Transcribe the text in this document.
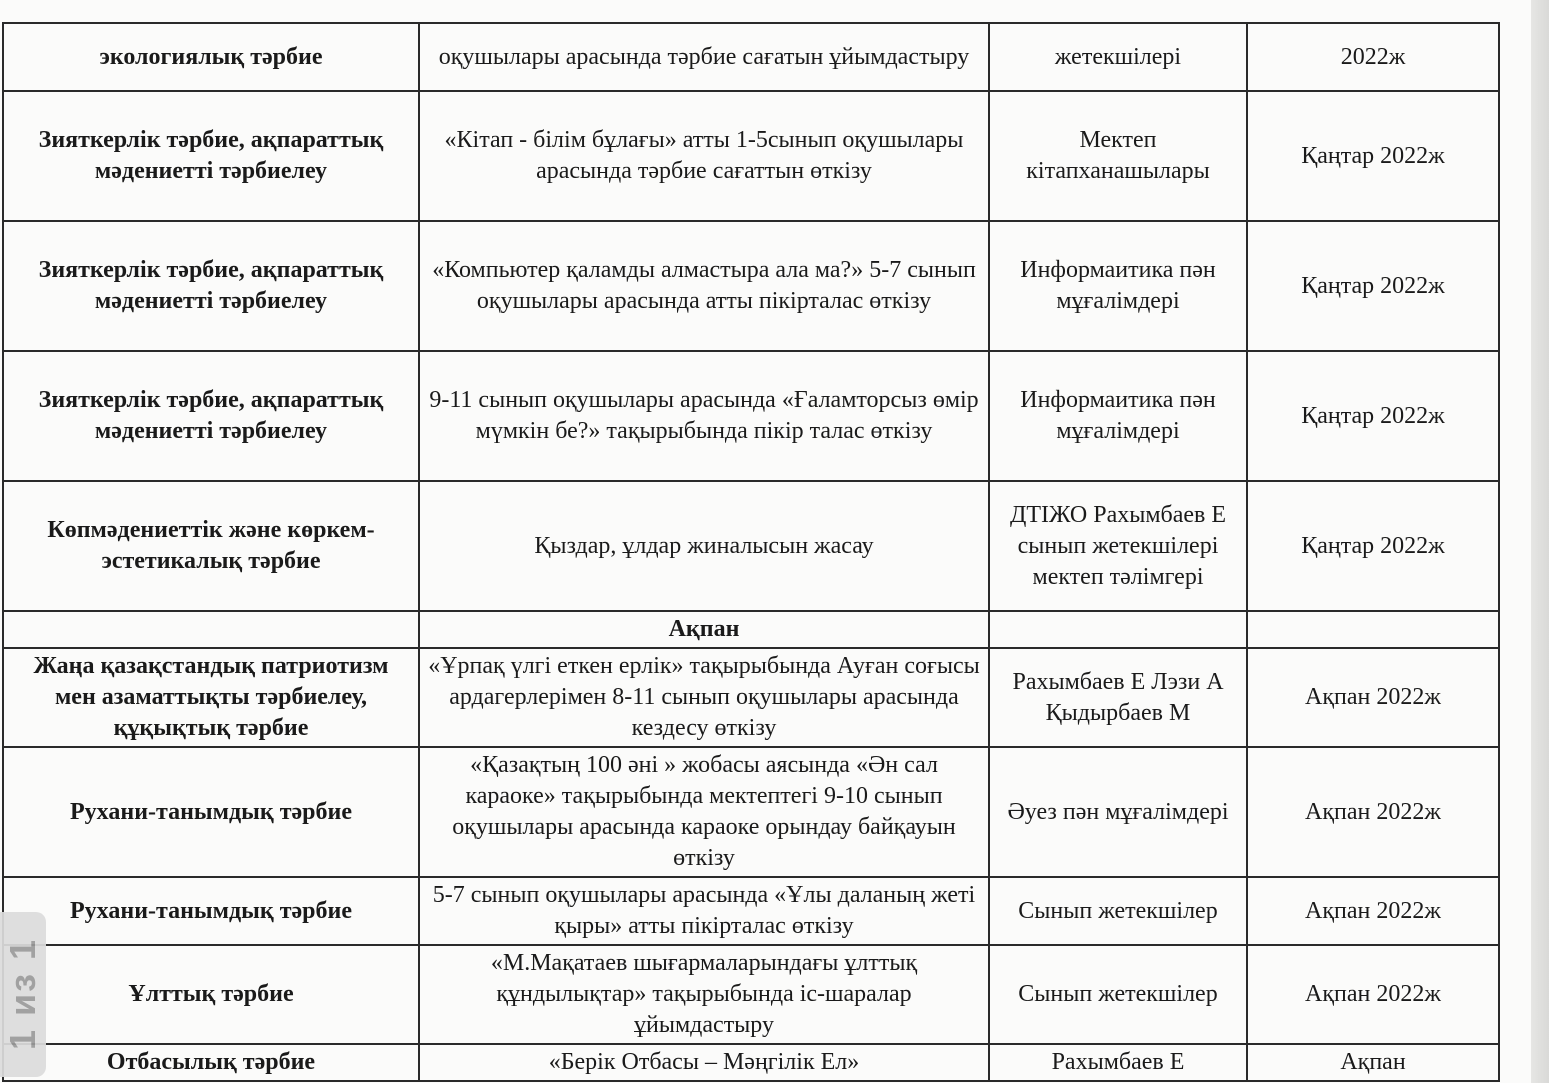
экологиялық тәрбие	оқушылары арасында тәрбие сағатын ұйымдастыру	жетекшілері	2022ж
Зияткерлік тәрбие, ақпараттық мәдениетті тәрбиелеу	«Кітап - білім бұлағы» атты 1-5сынып оқушылары арасында тәрбие сағаттын өткізу	Мектеп кітапханашылары	Қаңтар 2022ж
Зияткерлік тәрбие, ақпараттық мәдениетті тәрбиелеу	«Компьютер қаламды алмастыра ала ма?» 5-7 сынып оқушылары арасында атты пікірталас өткізу	Информаитика пән мұғалімдері	Қаңтар 2022ж
Зияткерлік тәрбие, ақпараттық мәдениетті тәрбиелеу	9-11 сынып оқушылары арасында «Ғаламторсыз өмір мүмкін бе?» тақырыбында пікір талас өткізу	Информаитика пән мұғалімдері	Қаңтар 2022ж
Көпмәдениеттік және көркем-эстетикалық тәрбие	Қыздар, ұлдар жиналысын жасау	ДТІЖО Рахымбаев Е сынып жетекшілері мектеп тәлімгері	Қаңтар 2022ж
	Ақпан		
Жаңа қазақстандық патриотизм мен азаматтықты тәрбиелеу, құқықтық тәрбие	«Ұрпақ үлгі еткен ерлік» тақырыбында Ауған соғысы ардагерлерімен 8-11 сынып оқушылары арасында кездесу өткізу	Рахымбаев Е Лэзи А Қыдырбаев М	Ақпан 2022ж
Рухани-танымдық тәрбие	«Қазақтың 100 әні » жобасы аясында «Ән сал караоке» тақырыбында мектептегі 9-10 сынып оқушылары арасында караоке орындау байқауын өткізу	Әуез пән мұғалімдері	Ақпан 2022ж
Рухани-танымдық тәрбие	5-7 сынып оқушылары арасында «Ұлы даланың жеті қыры» атты пікірталас өткізу	Сынып жетекшілер	Ақпан 2022ж
Ұлттық тәрбие	«М.Мақатаев шығармаларындағы ұлттық құндылықтар» тақырыбында іс-шаралар ұйымдастыру	Сынып жетекшілер	Ақпан 2022ж
Отбасылық тәрбие	«Берік Отбасы – Мәңгілік Ел»	Рахымбаев Е	Ақпан
1 из 1
